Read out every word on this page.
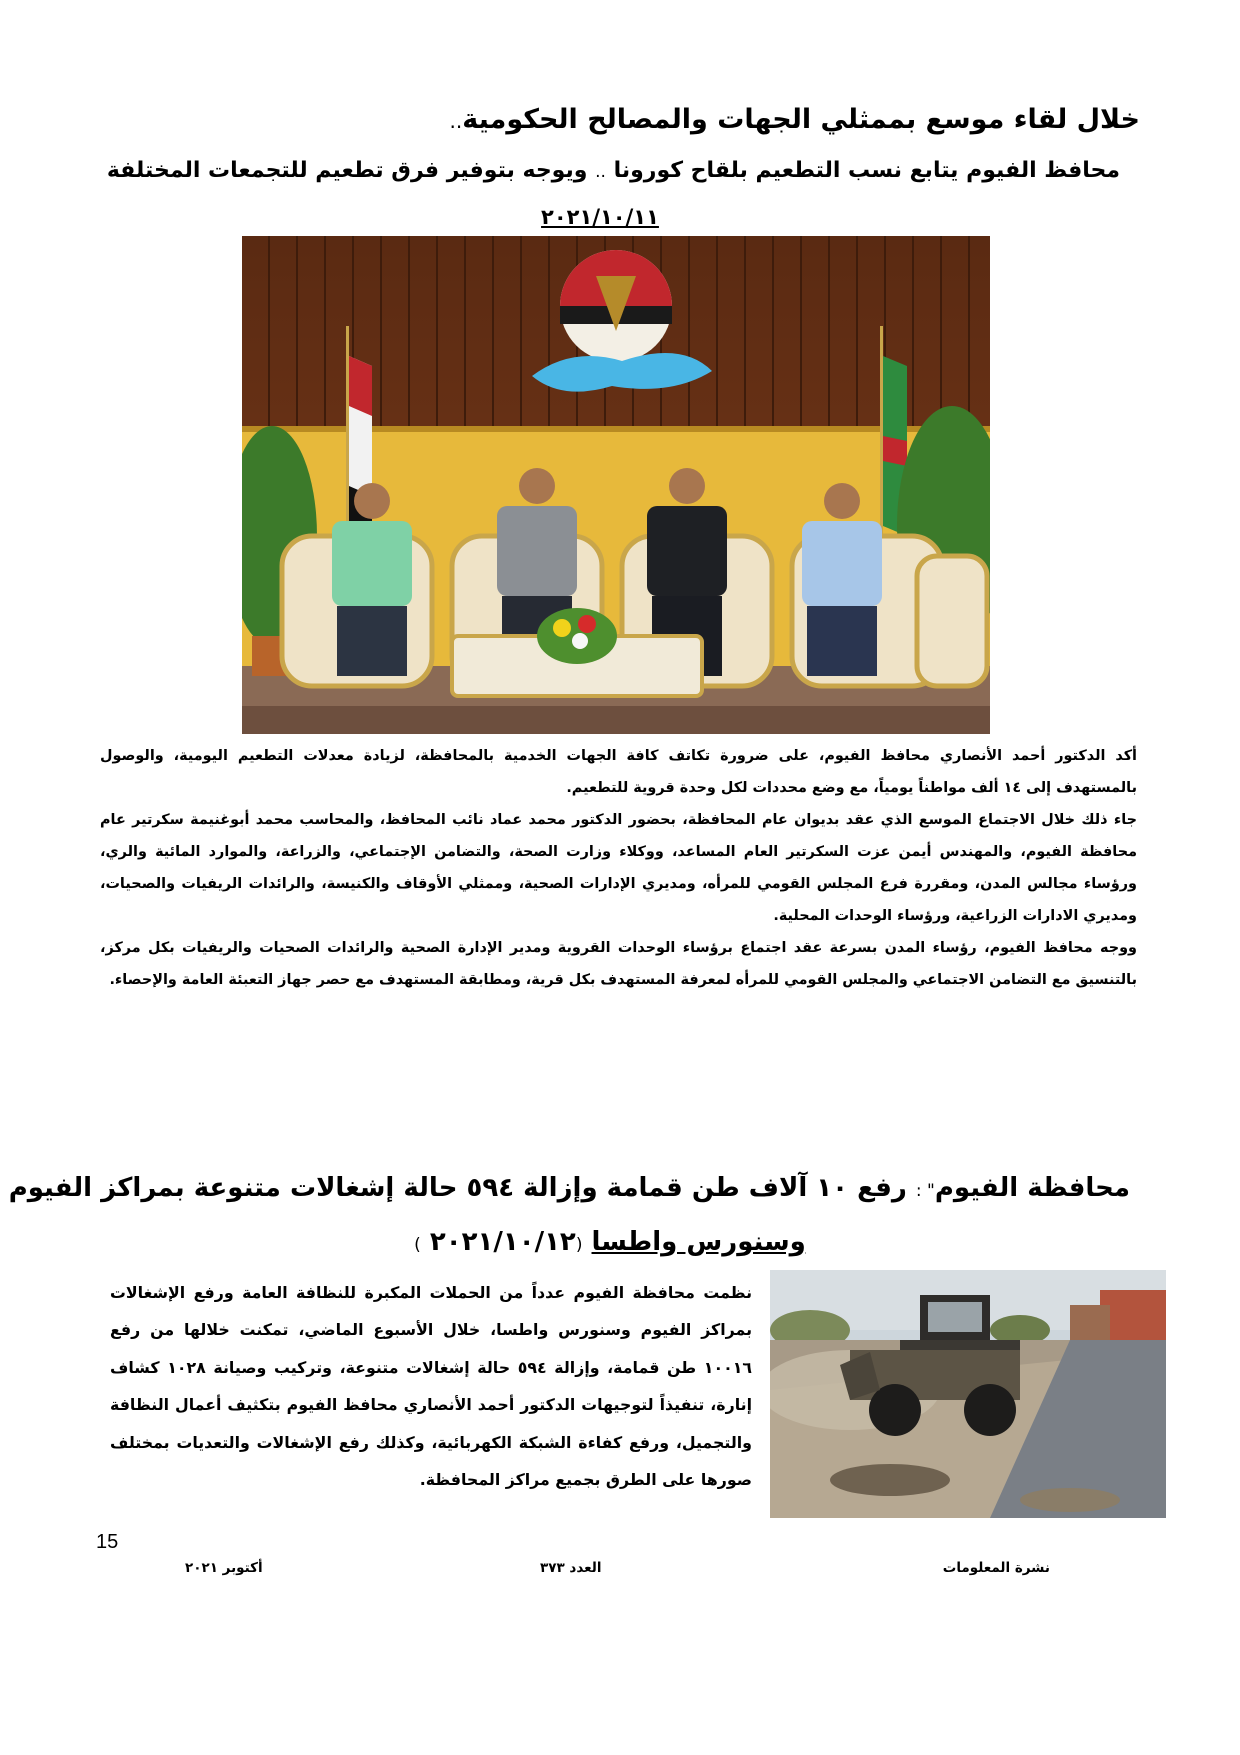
خلال لقاء موسع بممثلي الجهات والمصالح الحكومية..
محافظ الفيوم يتابع نسب التطعيم بلقاح كورونا .. ويوجه بتوفير فرق تطعيم للتجمعات المختلفة
٢٠٢١/١٠/١١

أكد الدكتور أحمد الأنصاري محافظ الفيوم، على ضرورة تكاتف كافة الجهات الخدمية بالمحافظة، لزيادة معدلات التطعيم اليومية، والوصول بالمستهدف إلى ١٤ ألف مواطناً يومياً، مع وضع محددات لكل وحدة قروية للتطعيم.

جاء ذلك خلال الاجتماع الموسع الذي عقد بديوان عام المحافظة، بحضور الدكتور محمد عماد نائب المحافظ، والمحاسب محمد أبوغنيمة سكرتير عام محافظة الفيوم، والمهندس أيمن عزت السكرتير العام المساعد، ووكلاء وزارت الصحة، والتضامن الإجتماعي، والزراعة، والموارد المائية والري، ورؤساء مجالس المدن، ومقررة فرع المجلس القومي للمرأه، ومديري الإدارات الصحية، وممثلي الأوقاف والكنيسة، والرائدات الريفيات والصحيات، ومديري الادارات الزراعية، ورؤساء الوحدات المحلية.

ووجه محافظ الفيوم، رؤساء المدن بسرعة عقد اجتماع برؤساء الوحدات القروية ومدير الإدارة الصحية والرائدات الصحيات والريفيات بكل مركز، بالتنسيق مع التضامن الاجتماعي والمجلس القومي للمرأه لمعرفة المستهدف بكل قرية، ومطابقة المستهدف مع حصر جهاز التعبئة العامة والإحصاء.

محافظة الفيوم" : رفع ١٠ آلاف طن قمامة وإزالة ٥٩٤ حالة إشغالات متنوعة بمراكز الفيوم
وسنورس واطسا (٢٠٢١/١٠/١٢ )

نظمت محافظة الفيوم عدداً من الحملات المكبرة للنظافة العامة ورفع الإشغالات بمراكز الفيوم وسنورس واطسا، خلال الأسبوع الماضي، تمكنت خلالها من رفع ١٠٠١٦ طن قمامة، وإزالة ٥٩٤ حالة إشغالات متنوعة، وتركيب وصيانة ١٠٢٨ كشاف إنارة، تنفيذاً لتوجيهات الدكتور أحمد الأنصاري محافظ الفيوم بتكثيف أعمال النظافة والتجميل، ورفع كفاءة الشبكة الكهربائية، وكذلك رفع الإشغالات والتعديات بمختلف صورها على الطرق بجميع مراكز المحافظة.

15
نشرة المعلومات
العدد ٣٧٣
أكتوبر ٢٠٢١
